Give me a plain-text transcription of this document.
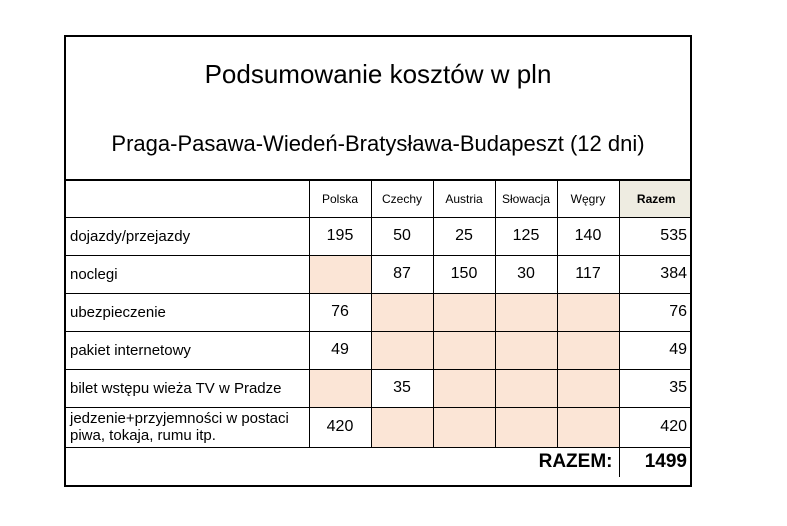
Podsumowanie kosztów w pln
Praga-Pasawa-Wiedeń-Bratysława-Budapeszt (12 dni)
	Polska	Czechy	Austria	Słowacja	Węgry	Razem
dojazdy/przejazdy	195	50	25	125	140	535
noclegi		87	150	30	117	384
ubezpieczenie	76					76
pakiet internetowy	49					49
bilet wstępu wieża TV w Pradze		35				35
jedzenie+przyjemności w postaci piwa, tokaja, rumu itp.	420					420
RAZEM:						1499
